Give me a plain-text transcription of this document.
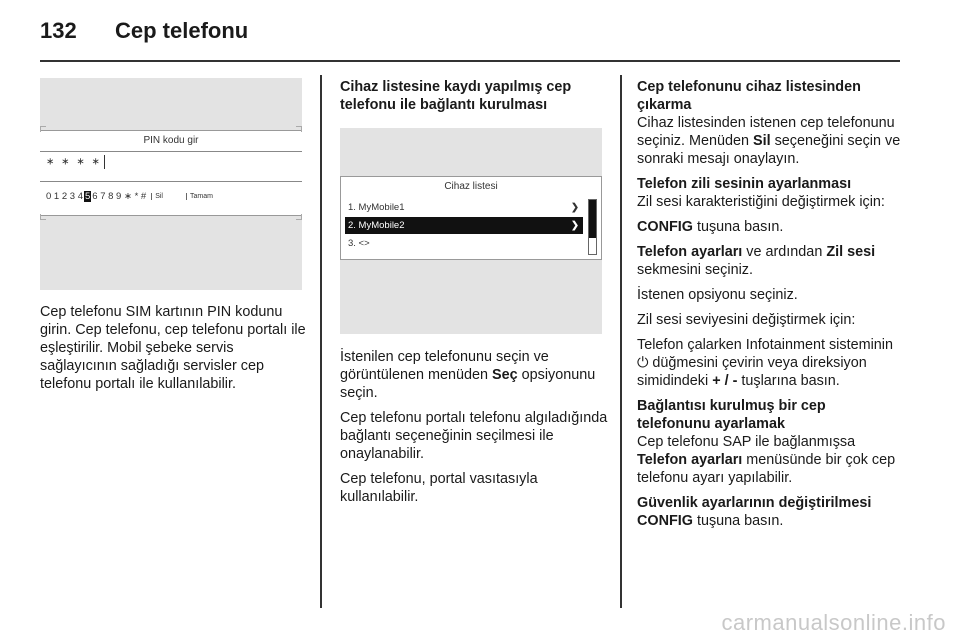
132	Cep telefonu
PIN kodu gir
∗ ∗ ∗ ∗
0 1 2 3 4 5 6 7 8 9 ∗ * #	Sil	Tamam

Cep telefonu SIM kartının PIN kodunu girin. Cep telefonu, cep telefonu portalı ile eşleştirilir. Mobil şebeke servis sağlayıcının sağladığı servisler cep telefonu portalı ile kullanılabilir.

Cihaz listesine kaydı yapılmış cep telefonu ile bağlantı kurulması

Cihaz listesi
1. MyMobile1	❯
2. MyMobile2	❯
3. <>

İstenilen cep telefonunu seçin ve görüntülenen menüden Seç opsiyonunu seçin.

Cep telefonu portalı telefonu algıladığında bağlantı seçeneğinin seçilmesi ile onaylanabilir.

Cep telefonu, portal vasıtasıyla kullanılabilir.

Cep telefonunu cihaz listesinden çıkarma
Cihaz listesinden istenen cep telefonunu seçiniz. Menüden Sil seçeneğini seçin ve sonraki mesajı onaylayın.

Telefon zili sesinin ayarlanması
Zil sesi karakteristiğini değiştirmek için:

CONFIG tuşuna basın.

Telefon ayarları ve ardından Zil sesi sekmesini seçiniz.

İstenen opsiyonu seçiniz.

Zil sesi seviyesini değiştirmek için:

Telefon çalarken Infotainment sisteminin ⏻ düğmesini çevirin veya direksiyon simidindeki + / - tuşlarına basın.

Bağlantısı kurulmuş bir cep telefonunu ayarlamak
Cep telefonu SAP ile bağlanmışsa Telefon ayarları menüsünde bir çok cep telefonu ayarı yapılabilir.

Güvenlik ayarlarının değiştirilmesi
CONFIG tuşuna basın.

carmanualsonline.info
